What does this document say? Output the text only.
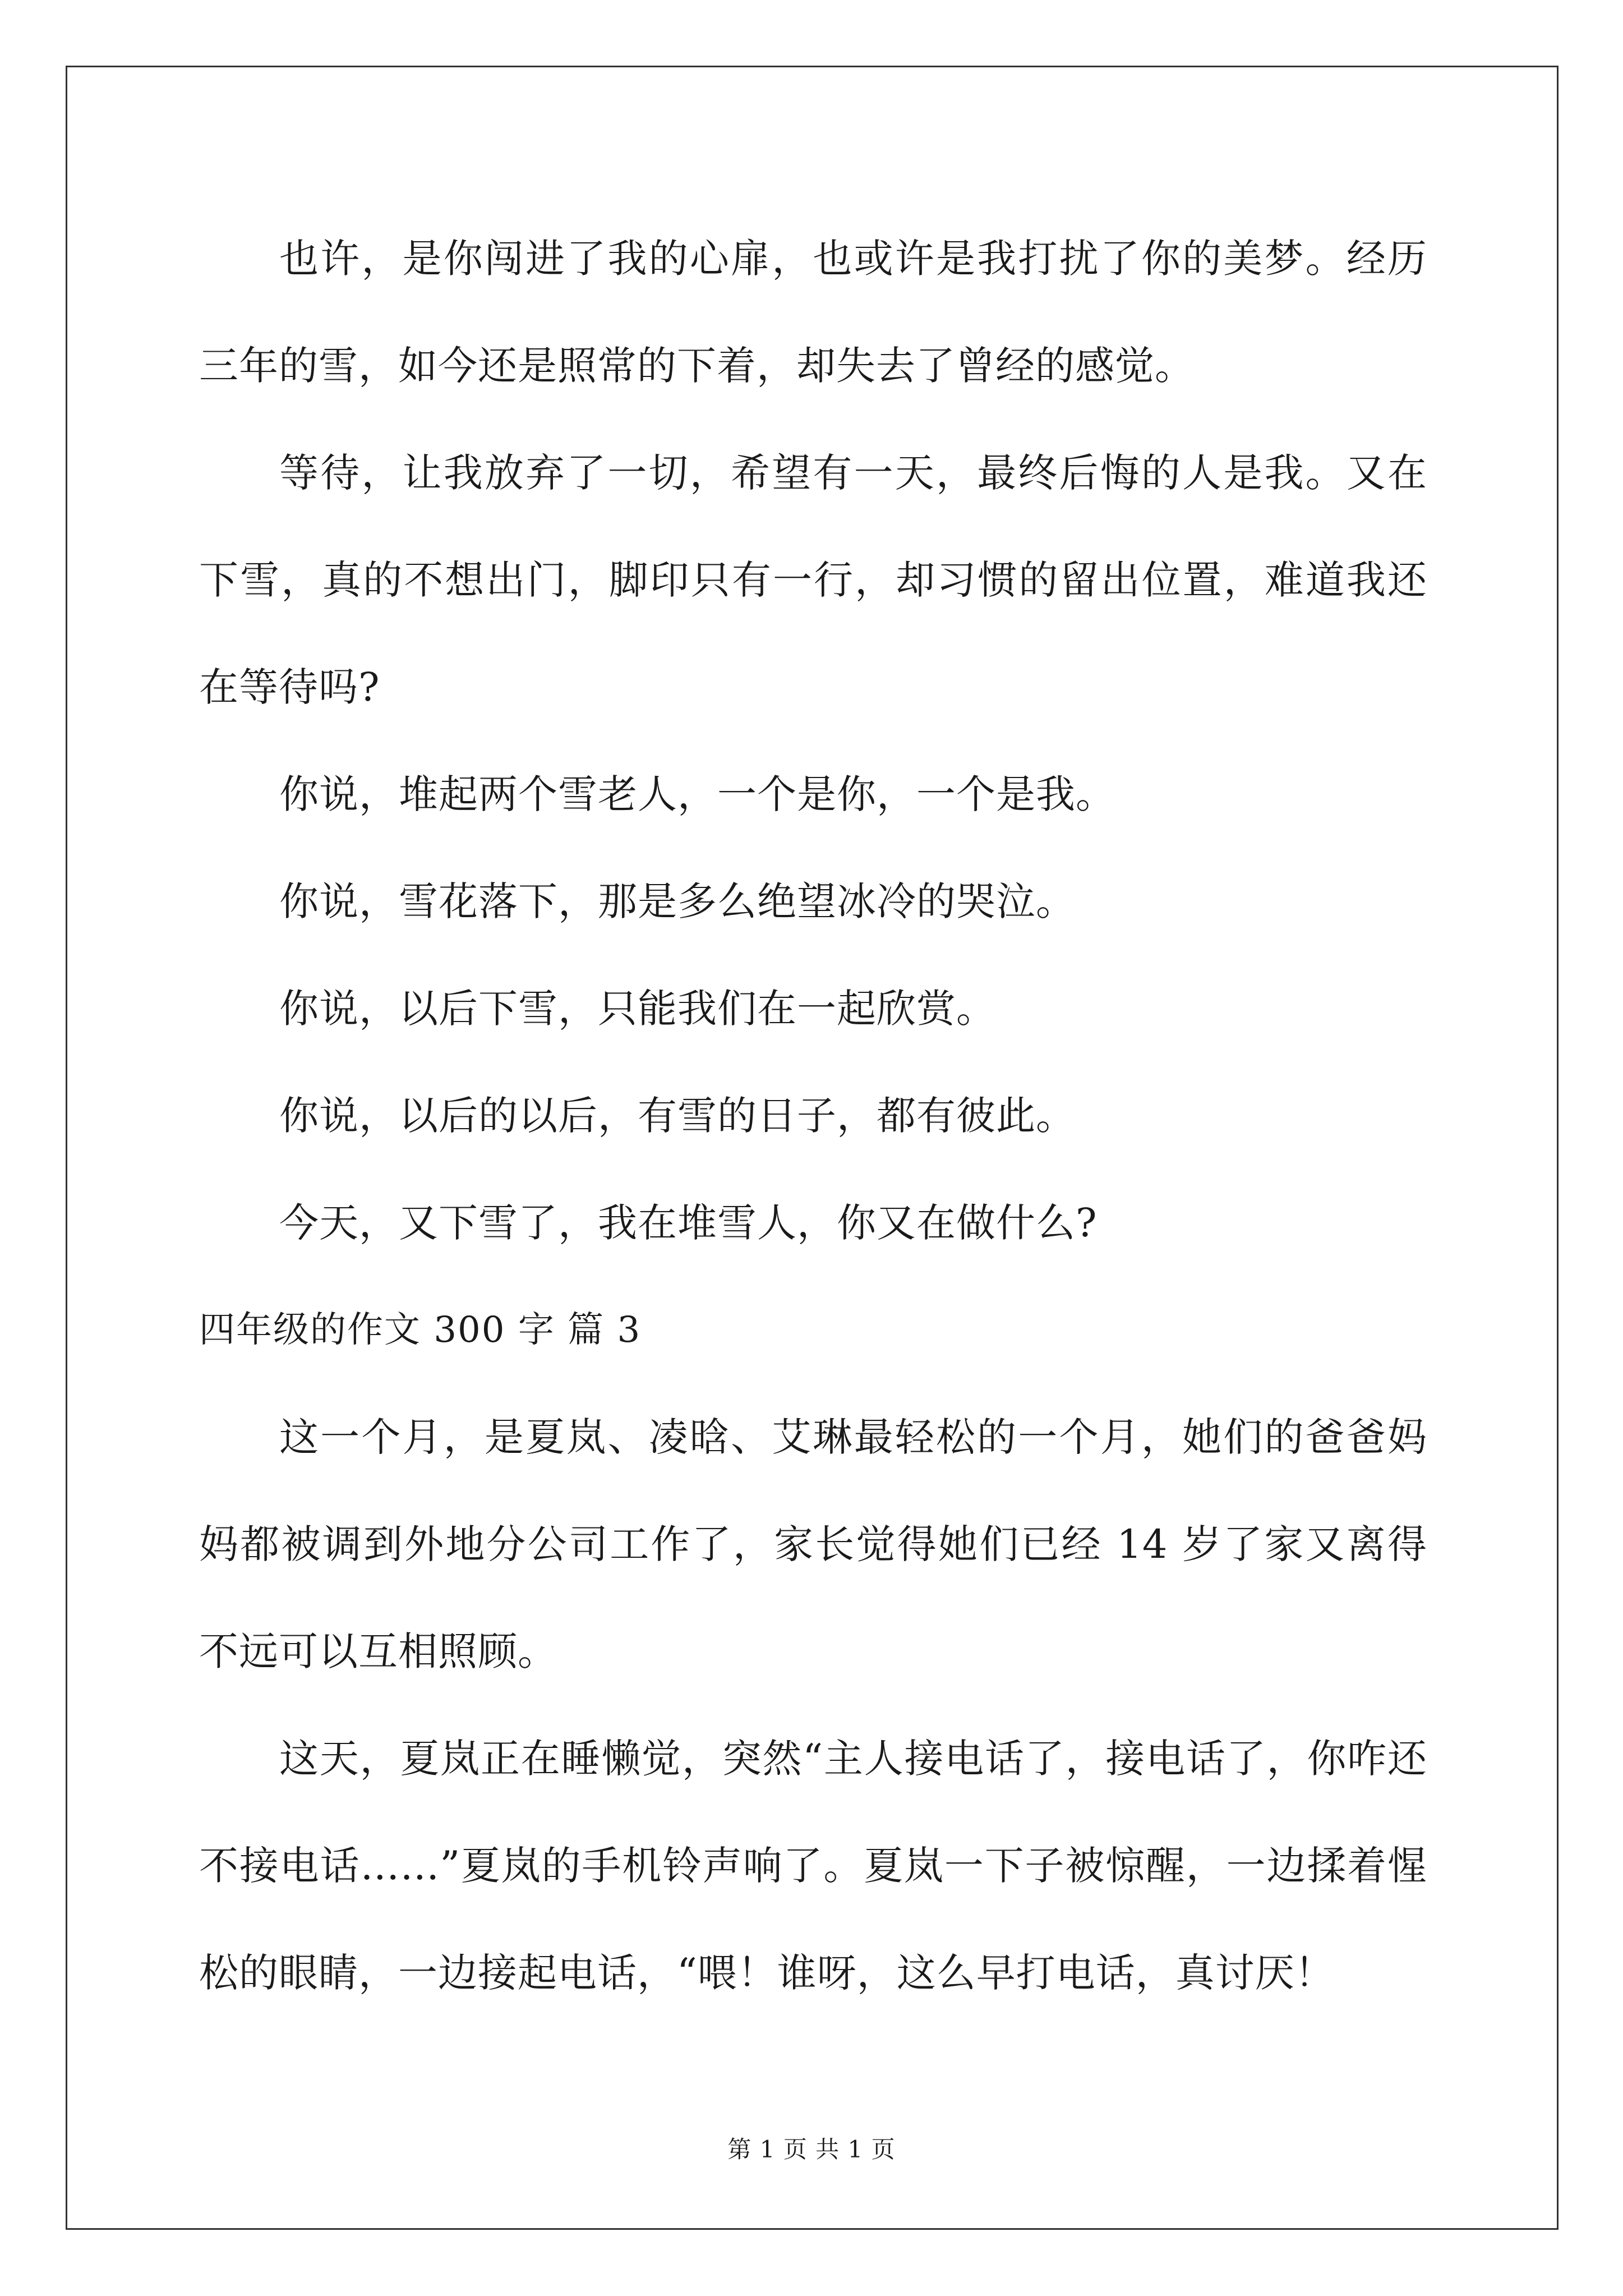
也许，是你闯进了我的心扉，也或许是我打扰了你的美梦。经历三年的雪，如今还是照常的下着，却失去了曾经的感觉。

等待，让我放弃了一切，希望有一天，最终后悔的人是我。又在下雪，真的不想出门，脚印只有一行，却习惯的留出位置，难道我还在等待吗?

你说，堆起两个雪老人，一个是你，一个是我。

你说，雪花落下，那是多么绝望冰冷的哭泣。

你说，以后下雪，只能我们在一起欣赏。

你说，以后的以后，有雪的日子，都有彼此。

今天，又下雪了，我在堆雪人，你又在做什么?

四年级的作文 300 字 篇 3

这一个月，是夏岚、凌晗、艾琳最轻松的一个月，她们的爸爸妈妈都被调到外地分公司工作了，家长觉得她们已经 14 岁了家又离得不远可以互相照顾。

这天，夏岚正在睡懒觉，突然“主人接电话了，接电话了，你咋还不接电话……”夏岚的手机铃声响了。夏岚一下子被惊醒，一边揉着惺松的眼睛，一边接起电话，“喂！谁呀，这么早打电话，真讨厌！

第 1 页 共 1 页
